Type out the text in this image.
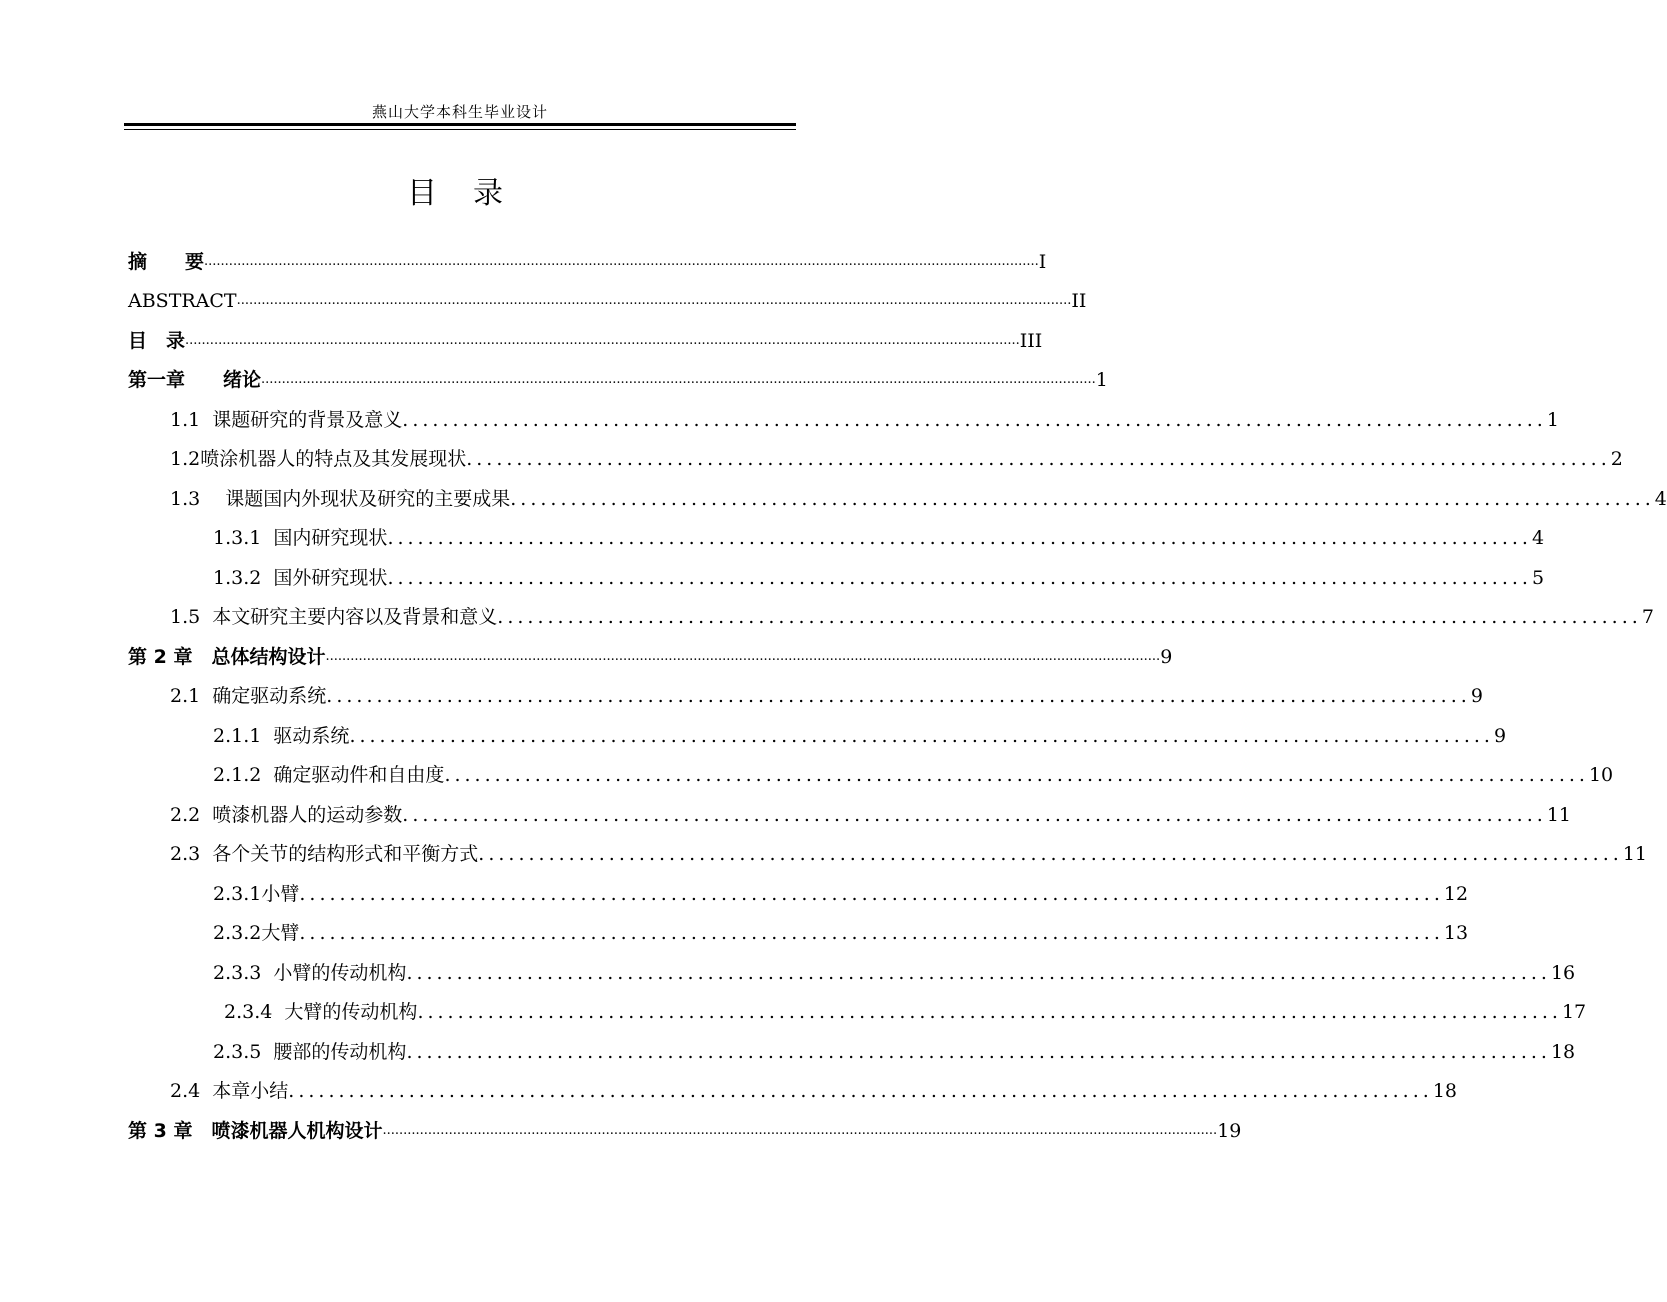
燕山大学本科生毕业设计
目 录
摘　　要 .......................................................................................................................................................................................................... I
ABSTRACT .......................................................................................................................................................................................................... II
目　录 .......................................................................................................................................................................................................... III
第一章　　绪论 .......................................................................................................................................................................................................... 1
1.1  课题研究的背景及意义 .................................................................................................................. 1
1.2喷涂机器人的特点及其发展现状 .................................................................................................................. 2
1.3　 课题国内外现状及研究的主要成果 .................................................................................................................. 4
1.3.1  国内研究现状 .................................................................................................................. 4
1.3.2  国外研究现状 .................................................................................................................. 5
1.5  本文研究主要内容以及背景和意义 .................................................................................................................. 7
第 2 章　总体结构设计 .......................................................................................................................................................................................................... 9
2.1  确定驱动系统 .................................................................................................................. 9
2.1.1  驱动系统 .................................................................................................................. 9
2.1.2  确定驱动件和自由度 .................................................................................................................. 10
2.2  喷漆机器人的运动参数 .................................................................................................................. 11
2.3  各个关节的结构形式和平衡方式 .................................................................................................................. 11
2.3.1小臂 .................................................................................................................. 12
2.3.2大臂 .................................................................................................................. 13
2.3.3  小臂的传动机构 .................................................................................................................. 16
2.3.4  大臂的传动机构 .................................................................................................................. 17
2.3.5  腰部的传动机构 .................................................................................................................. 18
2.4  本章小结 .................................................................................................................. 18
第 3 章　喷漆机器人机构设计 .......................................................................................................................................................................................................... 19
